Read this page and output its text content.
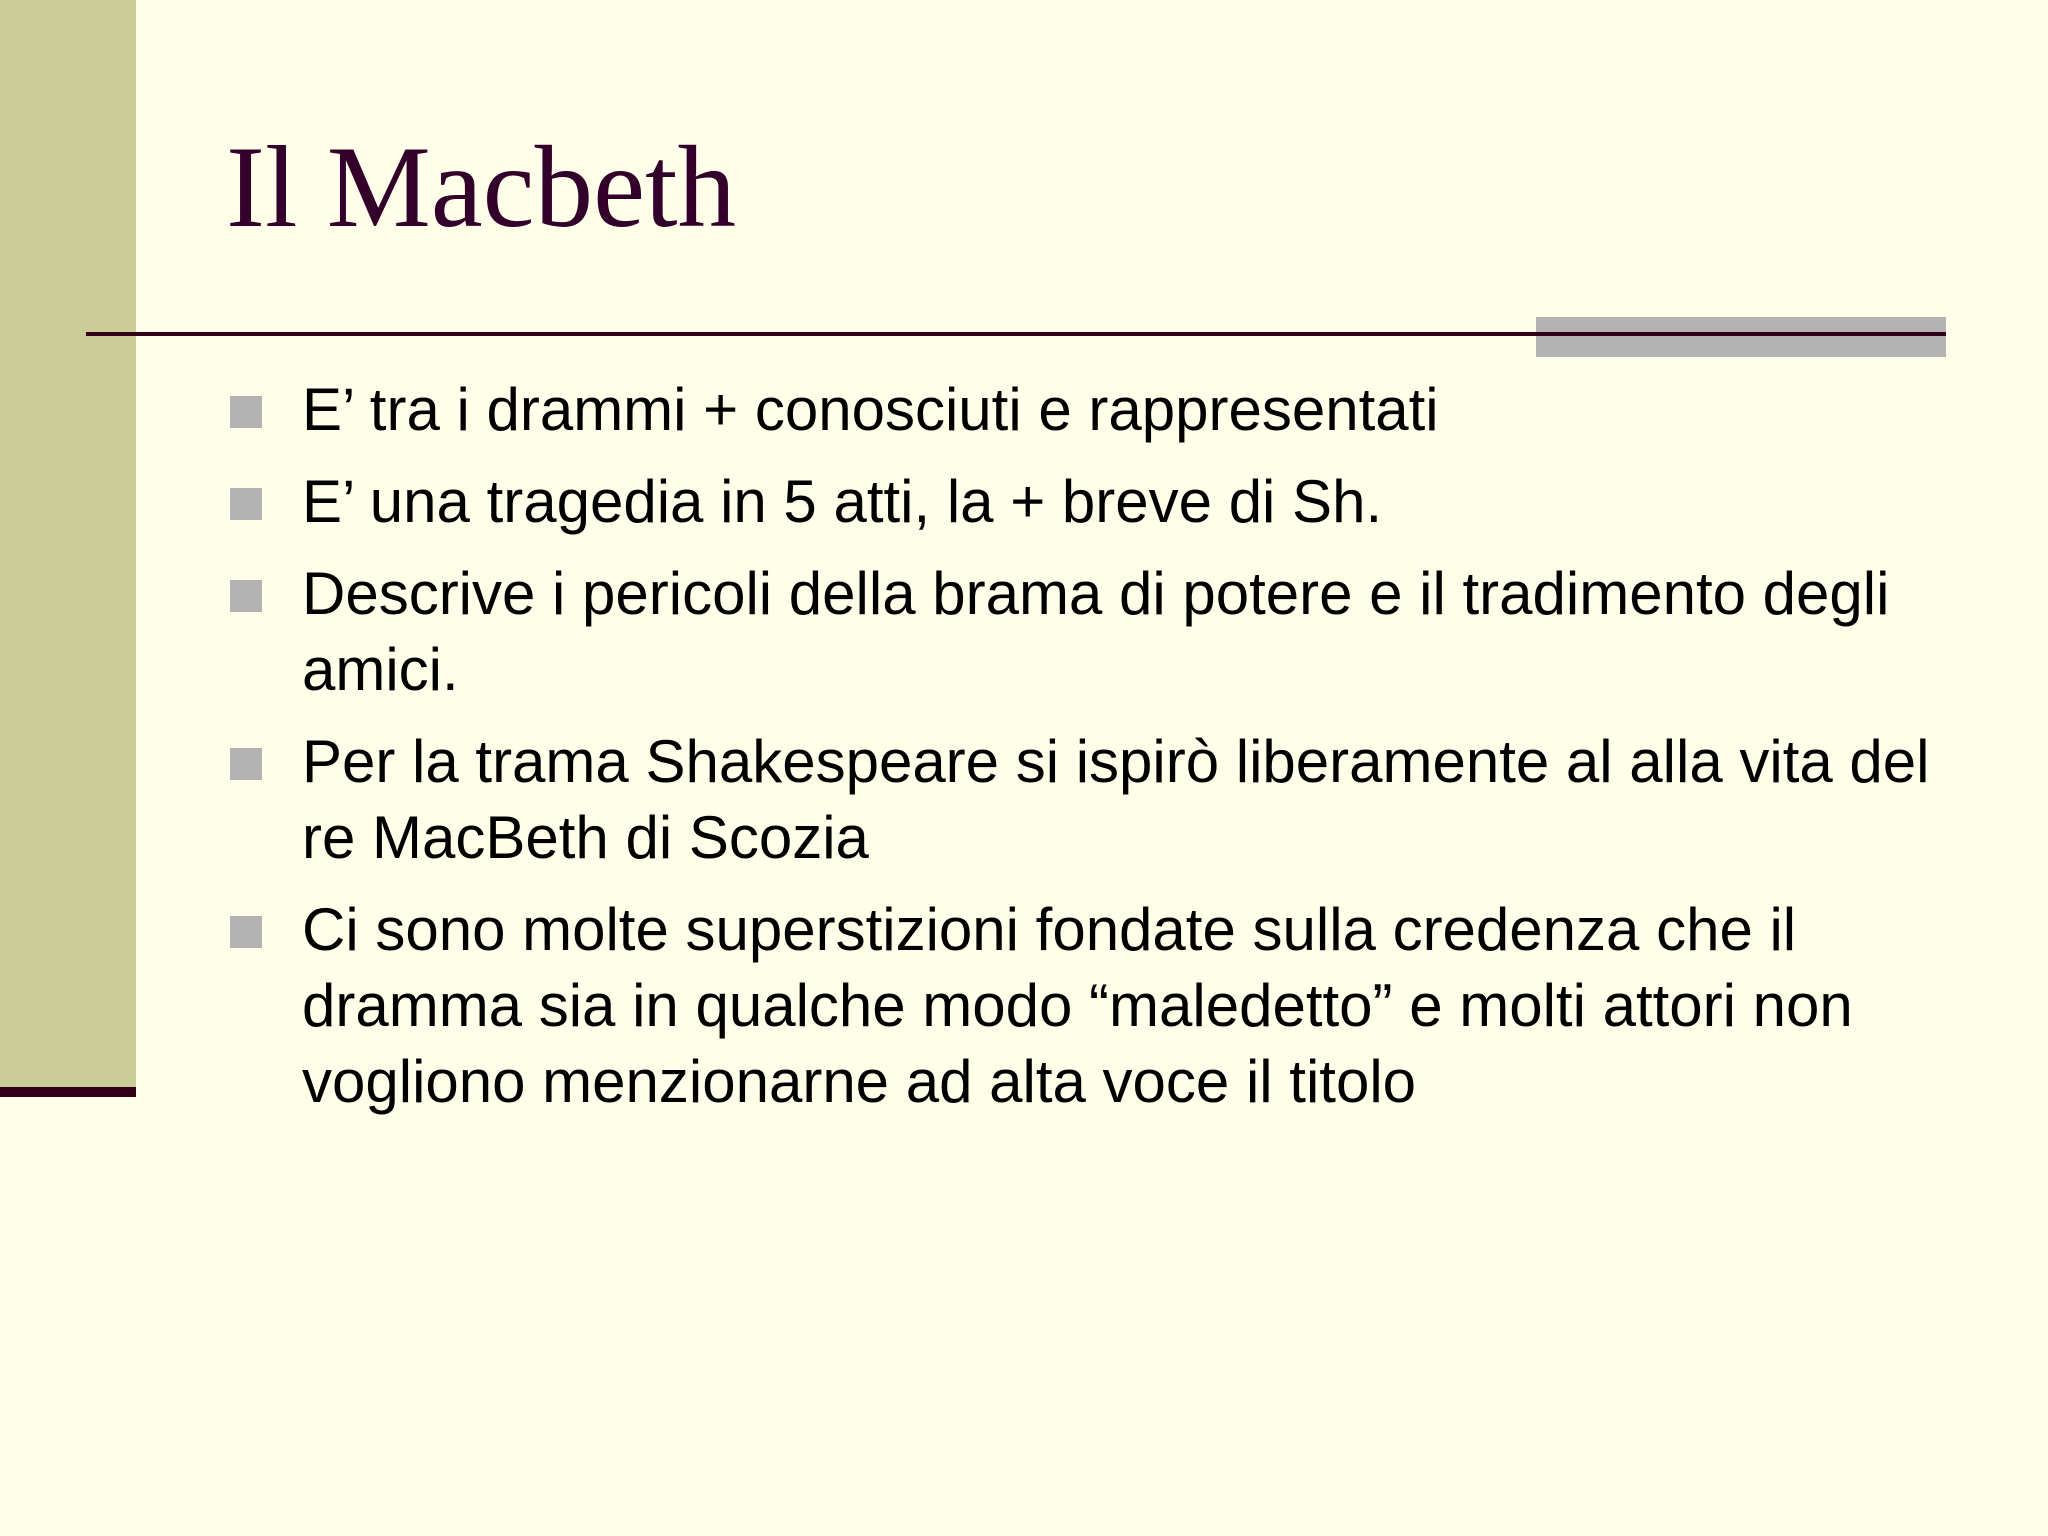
Il Macbeth
E’ tra i drammi + conosciuti e rappresentati
E’ una tragedia in 5 atti, la + breve di Sh.
Descrive i pericoli della brama di potere e il tradimento degli amici.
Per la trama Shakespeare si ispirò liberamente al alla vita del re MacBeth di Scozia
Ci sono molte superstizioni fondate sulla credenza che il dramma sia in qualche modo “maledetto” e molti attori non vogliono menzionarne ad alta voce il titolo
